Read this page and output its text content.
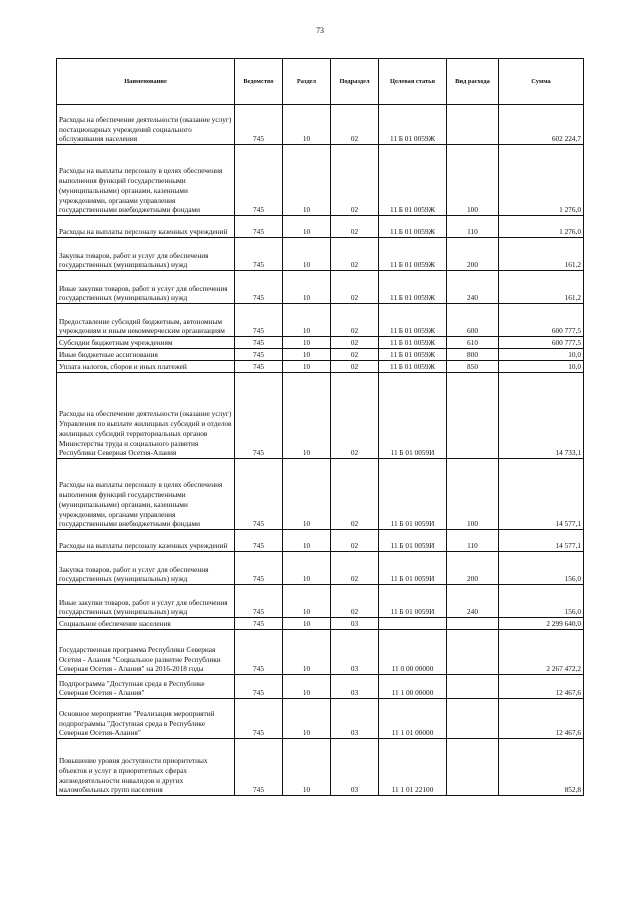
73
Наименование	Ведомство	Раздел	Подраздел	Целевая статья	Вид расхода	Сумма

Расходы на обеспечение деятельности (оказание услуг) постационарных учреждений социального обслуживания населения	745	10	02	11 Б 01 0059Ж		602 224,7
Расходы на выплаты персоналу в целях обеспечения выполнения функций государственными (муниципальными) органами, казенными учреждениями, органами управления государственными внебюджетными фондами	745	10	02	11 Б 01 0059Ж	100	1 276,0
Расходы на выплаты персоналу казенных учреждений	745	10	02	11 Б 01 0059Ж	110	1 276,0
Закупка товаров, работ и услуг для обеспечения государственных (муниципальных) нужд	745	10	02	11 Б 01 0059Ж	200	161,2
Иные закупки товаров, работ и услуг для обеспечения государственных (муниципальных) нужд	745	10	02	11 Б 01 0059Ж	240	161,2
Предоставление субсидий бюджетным, автономным учреждениям и иным некоммерческим организациям	745	10	02	11 Б 01 0059Ж	600	600 777,5
Субсидии бюджетным учреждениям	745	10	02	11 Б 01 0059Ж	610	600 777,5
Иные бюджетные ассигнования	745	10	02	11 Б 01 0059Ж	800	10,0
Уплата налогов, сборов и иных платежей	745	10	02	11 Б 01 0059Ж	850	10,0

Расходы на обеспечение деятельности (оказание услуг) Управления по выплате жилищных субсидий и отделов жилищных субсидий территориальных органов Министерства труда и социального развития Республики Северная Осетия-Алания	745	10	02	11 Б 01 0059И		14 733,1
Расходы на выплаты персоналу в целях обеспечения выполнения функций государственными (муниципальными) органами, казенными учреждениями, органами управления государственными внебюджетными фондами	745	10	02	11 Б 01 0059И	100	14 577,1
Расходы на выплаты персоналу казенных учреждений	745	10	02	11 Б 01 0059И	110	14 577,1
Закупка товаров, работ и услуг для обеспечения государственных (муниципальных) нужд	745	10	02	11 Б 01 0059И	200	156,0
Иные закупки товаров, работ и услуг для обеспечения государственных (муниципальных) нужд	745	10	02	11 Б 01 0059И	240	156,0
Социальное обеспечение населения	745	10	03			2 299 640,0
Государственная программа Республики Северная Осетия - Алания "Социальное развитие Республики Северная Осетия - Алания" на 2016-2018 годы	745	10	03	11 0 00 00000		2 267 472,2
Подпрограмма "Доступная среда в Республике Северная Осетия - Алания"	745	10	03	11 1 00 00000		12 467,6

Основное мероприятие "Реализация мероприятий подпрограммы "Доступная среда в Республике Северная Осетия-Алания"	745	10	03	11 1 01 00000		12 467,6
Повышение уровня доступности приоритетных объектов и услуг в приоритетных сферах жизнедеятельности инвалидов и других маломобильных групп населения	745	10	03	11 1 01 22100		852,8
